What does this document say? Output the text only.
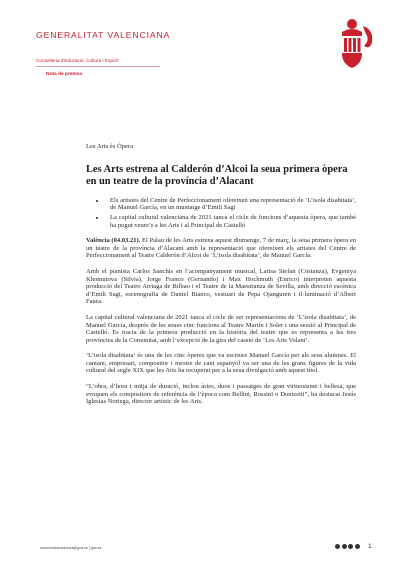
GENERALITAT VALENCIANA
Conselleria d'Educació, Cultura i Esport
Nota de premsa
Les Arts és Òpera
Les Arts estrena al Calderón d’Alcoi la seua primera òpera en un teatre de la província d’Alacant
• Els artistes del Centre de Perfeccionament ofereixen una representació de ‘L’isola disabitata’, de Manuel García, en un muntatge d’Emili Sagi
• La capital cultural valenciana de 2021 tanca el cicle de funcions d’aquesta òpera, que també ha pogut veure’s a les Arts i al Principal de Castelló

València (04.03.21). El Palau de les Arts estrena aquest diumenge, 7 de març, la seua primera òpera en un teatre de la província d’Alacant amb la representació que ofereixen els artistes del Centre de Perfeccionament al Teatre Calderón d’Alcoi de ‘L’isola disabitata’, de Manuel García.

Amb el pianista Carlos Sanchis en l’acompanyament musical, Larisa Stefan (Costanza), Evgeniya Khomutova (Silvia), Jorge Franco (Gernando) i Max Hochmuth (Enrico) interpreten aquesta producció del Teatro Arriaga de Bilbao i el Teatre de la Maestranza de Sevilla, amb direcció escènica d’Emili Sagi, escenografia de Daniel Bianco, vestuari de Pepa Ojanguren i il·luminació d’Albert Faura.

La capital cultural valenciana de 2021 tanca el cicle de set representacions de ‘L’isola disabitata’, de Manuel García, després de les seues cinc funcions al Teatre Martín i Soler i una sessió al Principal de Castelló. Es tracta de la primera producció en la història del teatre que es representa a les tres províncies de la Comunitat, amb l’excepció de la gira del cassió de ‘Les Arts Volant’.

‘L’isola disabitata’ és una de les cinc òperes que va escriure Manuel García per als seus alumnes. El cantant, empresari, compositor i mestre de cant espanyol va ser una de les grans figures de la vida cultural del segle XIX que les Arts ha recuperat per a la seua divulgació amb aquest títol.

“L’obra, d’hora i mitja de duració, inclou àries, duos i passatges de gran virtuosisme i bellesa, que evoquen els compositors de referència de l’època com Bellini, Rossini o Donizetti”, ha destacat Jesús Iglesias Noriega, director artístic de les Arts.

secomunicacioeduca@gva.es | gva.es	1
